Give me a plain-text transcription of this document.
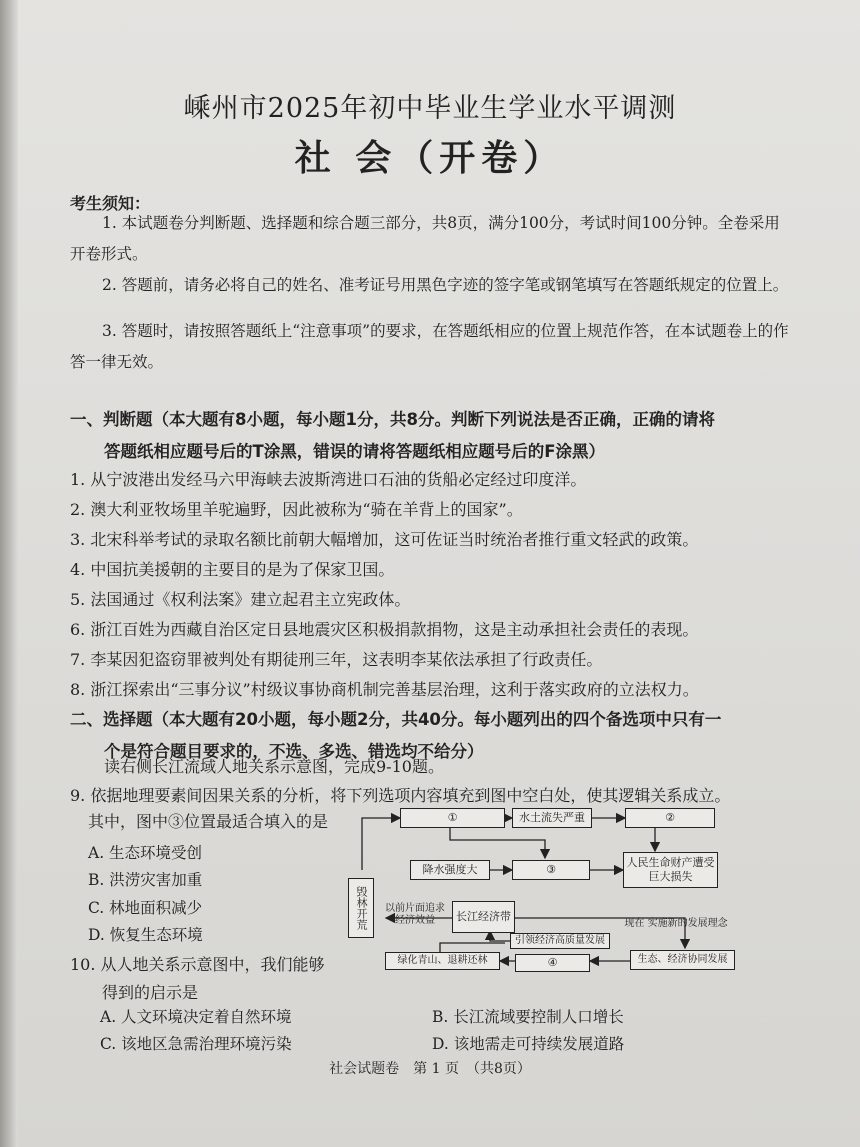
嵊州市2025年初中毕业生学业水平调测
社 会（开卷）
考生须知：
1. 本试题卷分判断题、选择题和综合题三部分，共8页，满分100分，考试时间100分钟。全卷采用开卷形式。
2. 答题前，请务必将自己的姓名、准考证号用黑色字迹的签字笔或钢笔填写在答题纸规定的位置上。
3. 答题时，请按照答题纸上“注意事项”的要求，在答题纸相应的位置上规范作答，在本试题卷上的作答一律无效。
一、判断题（本大题有8小题，每小题1分，共8分。判断下列说法是否正确，正确的请将
答题纸相应题号后的T涂黑，错误的请将答题纸相应题号后的F涂黑）
1. 从宁波港出发经马六甲海峡去波斯湾进口石油的货船必定经过印度洋。
2. 澳大利亚牧场里羊驼遍野，因此被称为“骑在羊背上的国家”。
3. 北宋科举考试的录取名额比前朝大幅增加，这可佐证当时统治者推行重文轻武的政策。
4. 中国抗美援朝的主要目的是为了保家卫国。
5. 法国通过《权利法案》建立起君主立宪政体。
6. 浙江百姓为西藏自治区定日县地震灾区积极捐款捐物，这是主动承担社会责任的表现。
7. 李某因犯盗窃罪被判处有期徒刑三年，这表明李某依法承担了行政责任。
8. 浙江探索出“三事分议”村级议事协商机制完善基层治理，这利于落实政府的立法权力。
二、选择题（本大题有20小题，每小题2分，共40分。每小题列出的四个备选项中只有一
个是符合题目要求的，不选、多选、错选均不给分）
读右侧长江流域人地关系示意图，完成9-10题。
9. 依据地理要素间因果关系的分析，将下列选项内容填充到图中空白处，使其逻辑关系成立。
其中，图中③位置最适合填入的是
A. 生态环境受创
B. 洪涝灾害加重
C. 林地面积减少
D. 恢复生态环境
10. 从人地关系示意图中，我们能够
得到的启示是
A. 人文环境决定着自然环境	B. 长江流域要控制人口增长
C. 该地区急需治理环境污染	D. 该地需走可持续发展道路
①	水土流失严重	②
降水强度大	③
人民生命财产遭受巨大损失
毁林开荒	长江经济带
以前片面追求经济效益	现在 实施新的发展理念
引领经济高质量发展
绿化青山、退耕还林	④	生态、经济协同发展
社会试题卷　第 1 页　（共8页）
